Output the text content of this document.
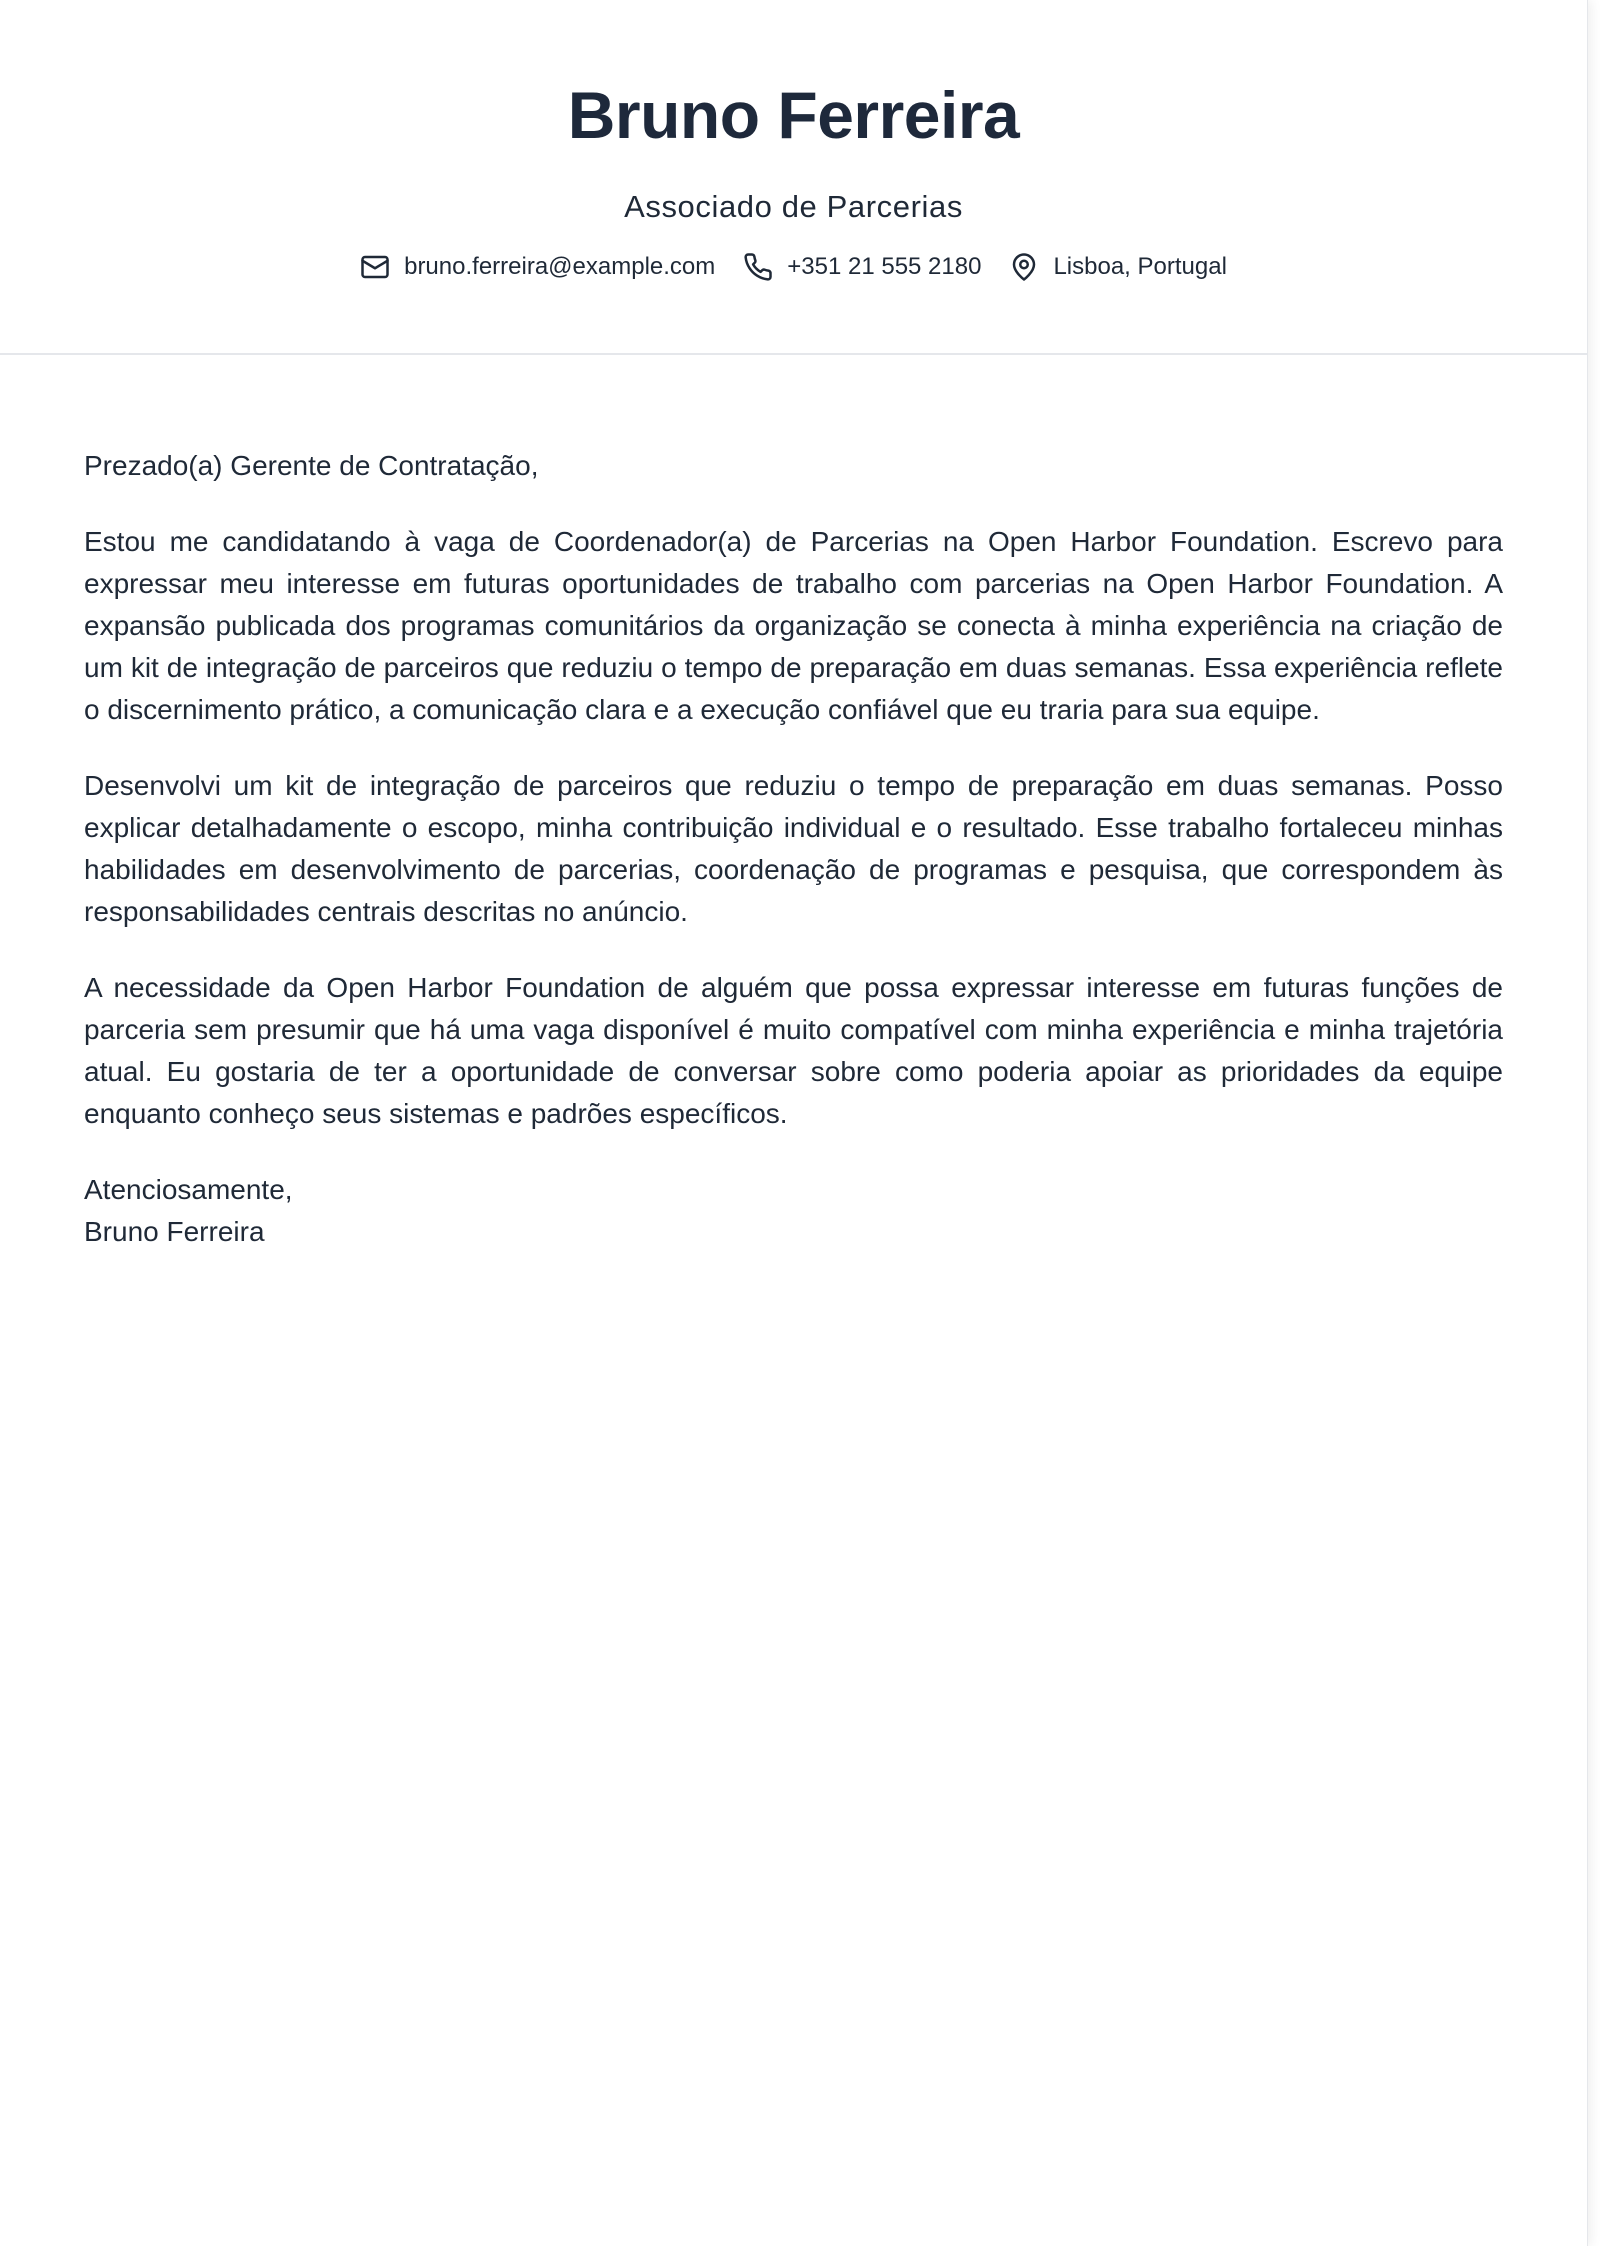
Bruno Ferreira
Associado de Parcerias
bruno.ferreira@example.com	+351 21 555 2180	Lisboa, Portugal

Prezado(a) Gerente de Contratação,

Estou me candidatando à vaga de Coordenador(a) de Parcerias na Open Harbor Foundation. Escrevo para expressar meu interesse em futuras oportunidades de trabalho com parcerias na Open Harbor Foundation. A expansão publicada dos programas comunitários da organização se conecta à minha experiência na criação de um kit de integração de parceiros que reduziu o tempo de preparação em duas semanas. Essa experiência reflete o discernimento prático, a comunicação clara e a execução confiável que eu traria para sua equipe.

Desenvolvi um kit de integração de parceiros que reduziu o tempo de preparação em duas semanas. Posso explicar detalhadamente o escopo, minha contribuição individual e o resultado. Esse trabalho fortaleceu minhas habilidades em desenvolvimento de parcerias, coordenação de programas e pesquisa, que correspondem às responsabilidades centrais descritas no anúncio.

A necessidade da Open Harbor Foundation de alguém que possa expressar interesse em futuras funções de parceria sem presumir que há uma vaga disponível é muito compatível com minha experiência e minha trajetória atual. Eu gostaria de ter a oportunidade de conversar sobre como poderia apoiar as prioridades da equipe enquanto conheço seus sistemas e padrões específicos.

Atenciosamente,
Bruno Ferreira
